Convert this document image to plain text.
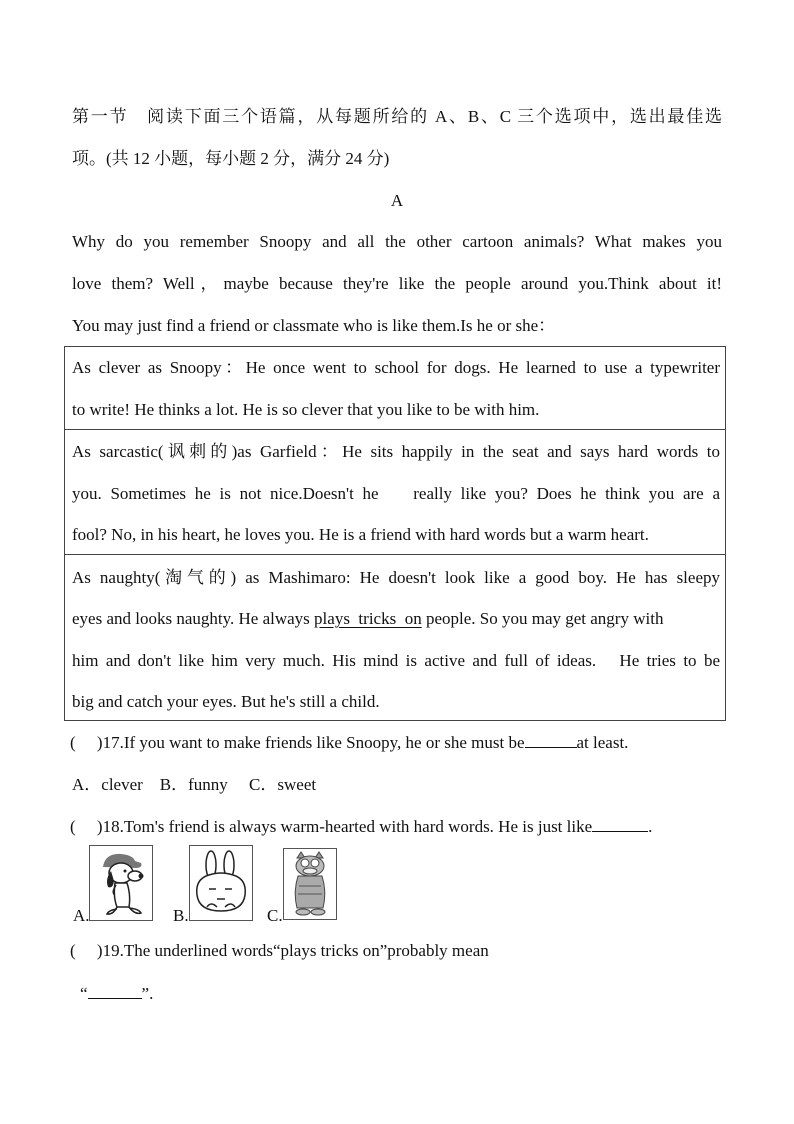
第一节　阅读下面三个语篇，从每题所给的 A、B、C 三个选项中，选出最佳选
项。(共 12 小题，每小题 2 分，满分 24 分)
A
Why do you remember Snoopy and all the other cartoon animals? What makes you
love them? Well，maybe because they're like the people around you.Think about it!
You may just find a friend or classmate who is like them.Is he or she：
As clever as Snoopy：He once went to school for dogs. He learned to use a typewriter
to write! He thinks a lot. He is so clever that you like to be with him.
As sarcastic(讽刺的)as Garfield：He sits happily in the seat and says hard words to
you. Sometimes he is not nice.Doesn't he　 really like you? Does he think you are a
fool? No, in his heart, he loves you. He is a friend with hard words but a warm heart.
As naughty(淘气的) as Mashimaro: He doesn't look like a good boy. He has sleepy
eyes and looks naughty. He always plays  tricks  on people. So you may get angry with
him and don't like him very much. His mind is active and full of ideas.　He tries to be
big and catch your eyes. But he's still a child.
(　 )17.If you want to make friends like Snoopy, he or she must be	at least.
A．clever　B．funny　 C．sweet
(　 )18.Tom's friend is always warm-hearted with hard words. He is just like	.
A.	B.	C.
(　 )19.The underlined words“plays tricks on”probably mean
“	”.
